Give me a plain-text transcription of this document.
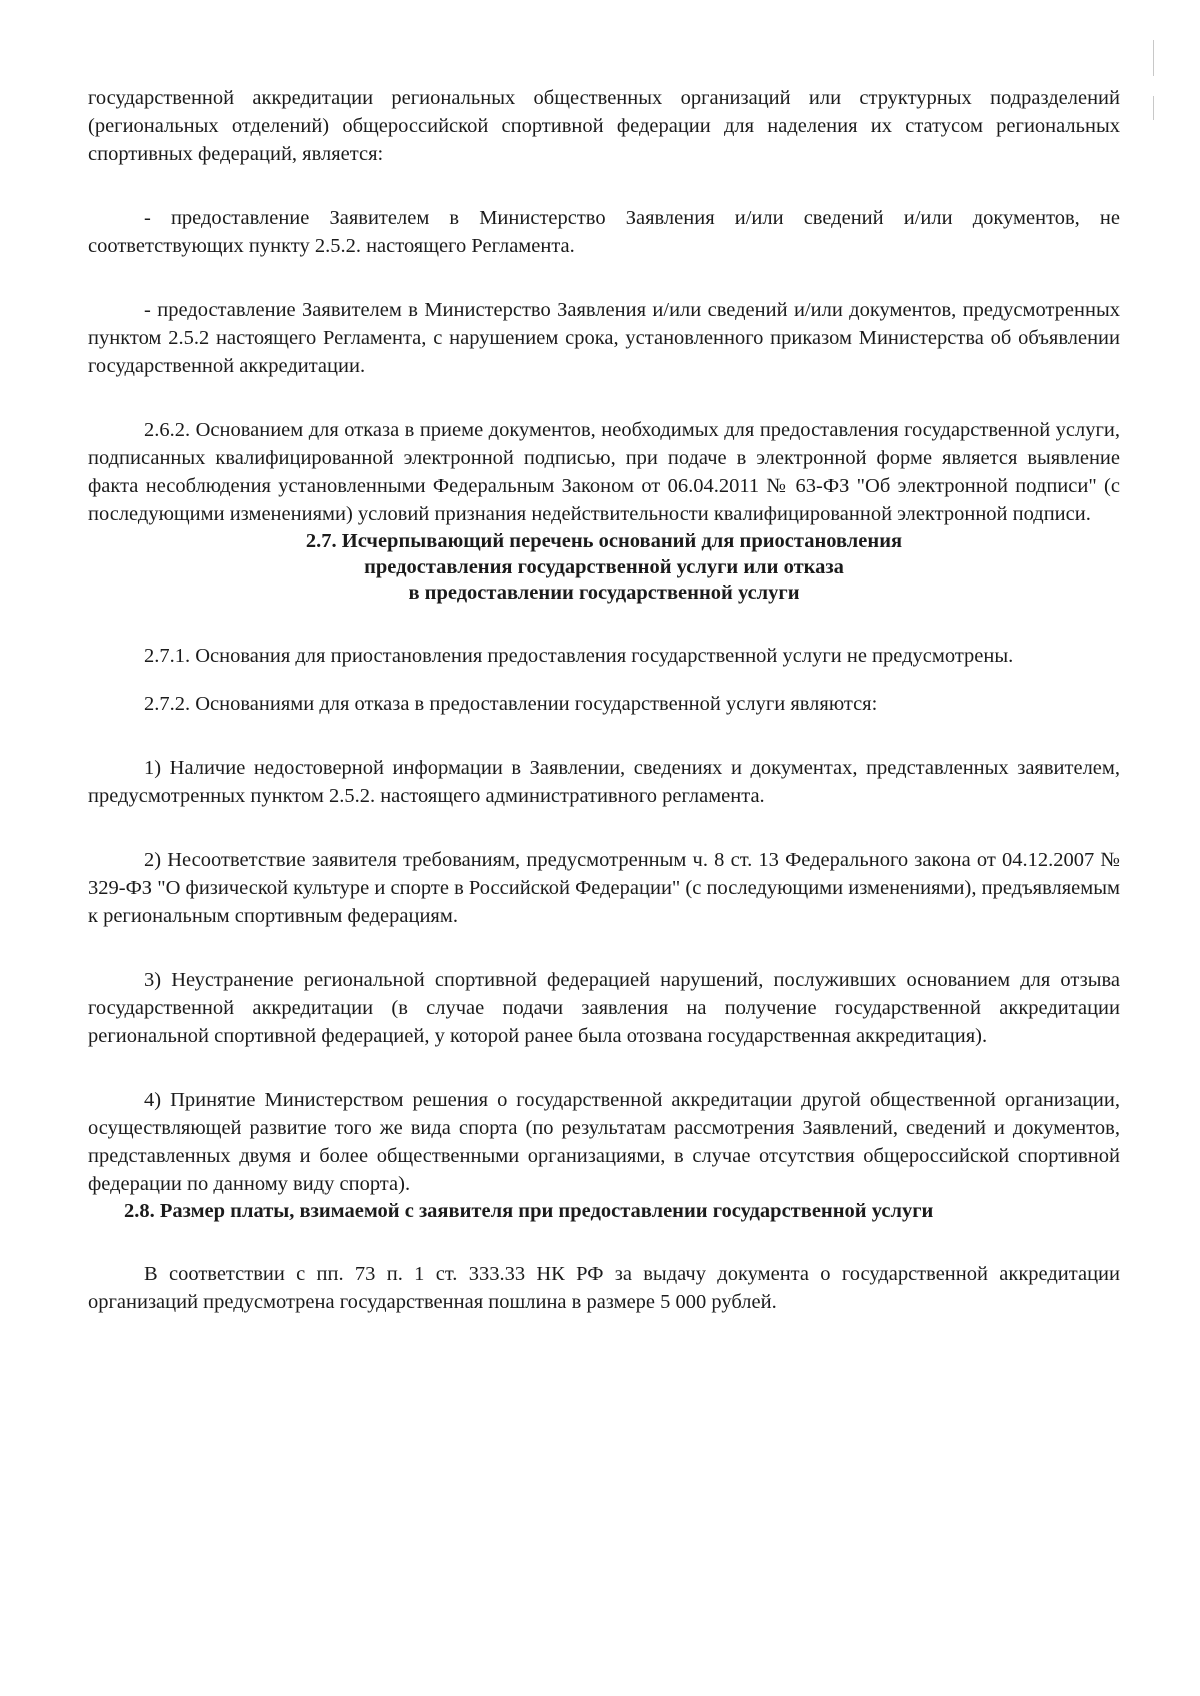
государственной аккредитации региональных общественных организаций или структурных подразделений (региональных отделений) общероссийской спортивной федерации для наделения их статусом региональных спортивных федераций, является:

- предоставление Заявителем в Министерство Заявления и/или сведений и/или документов, не соответствующих пункту 2.5.2. настоящего Регламента.

- предоставление Заявителем в Министерство Заявления и/или сведений и/или документов, предусмотренных пунктом 2.5.2 настоящего Регламента, с нарушением срока, установленного приказом Министерства об объявлении государственной аккредитации.

2.6.2. Основанием для отказа в приеме документов, необходимых для предоставления государственной услуги, подписанных квалифицированной электронной подписью, при подаче в электронной форме является выявление факта несоблюдения установленными Федеральным Законом от 06.04.2011 № 63-ФЗ "Об электронной подписи" (с последующими изменениями) условий признания недействительности квалифицированной электронной подписи.

2.7. Исчерпывающий перечень оснований для приостановления
предоставления государственной услуги или отказа
в предоставлении государственной услуги

2.7.1. Основания для приостановления предоставления государственной услуги не предусмотрены.

2.7.2. Основаниями для отказа в предоставлении государственной услуги являются:

1) Наличие недостоверной информации в Заявлении, сведениях и документах, представленных заявителем, предусмотренных пунктом 2.5.2. настоящего административного регламента.

2) Несоответствие заявителя требованиям, предусмотренным ч. 8 ст. 13 Федерального закона от 04.12.2007 № 329-ФЗ "О физической культуре и спорте в Российской Федерации" (с последующими изменениями), предъявляемым к региональным спортивным федерациям.

3) Неустранение региональной спортивной федерацией нарушений, послуживших основанием для отзыва государственной аккредитации (в случае подачи заявления на получение государственной аккредитации региональной спортивной федерацией, у которой ранее была отозвана государственная аккредитация).

4) Принятие Министерством решения о государственной аккредитации другой общественной организации, осуществляющей развитие того же вида спорта (по результатам рассмотрения Заявлений, сведений и документов, представленных двумя и более общественными организациями, в случае отсутствия общероссийской спортивной федерации по данному виду спорта).

2.8. Размер платы, взимаемой с заявителя при предоставлении государственной услуги

В соответствии с пп. 73 п. 1 ст. 333.33 НК РФ за выдачу документа о государственной аккредитации организаций предусмотрена государственная пошлина в размере 5 000 рублей.
